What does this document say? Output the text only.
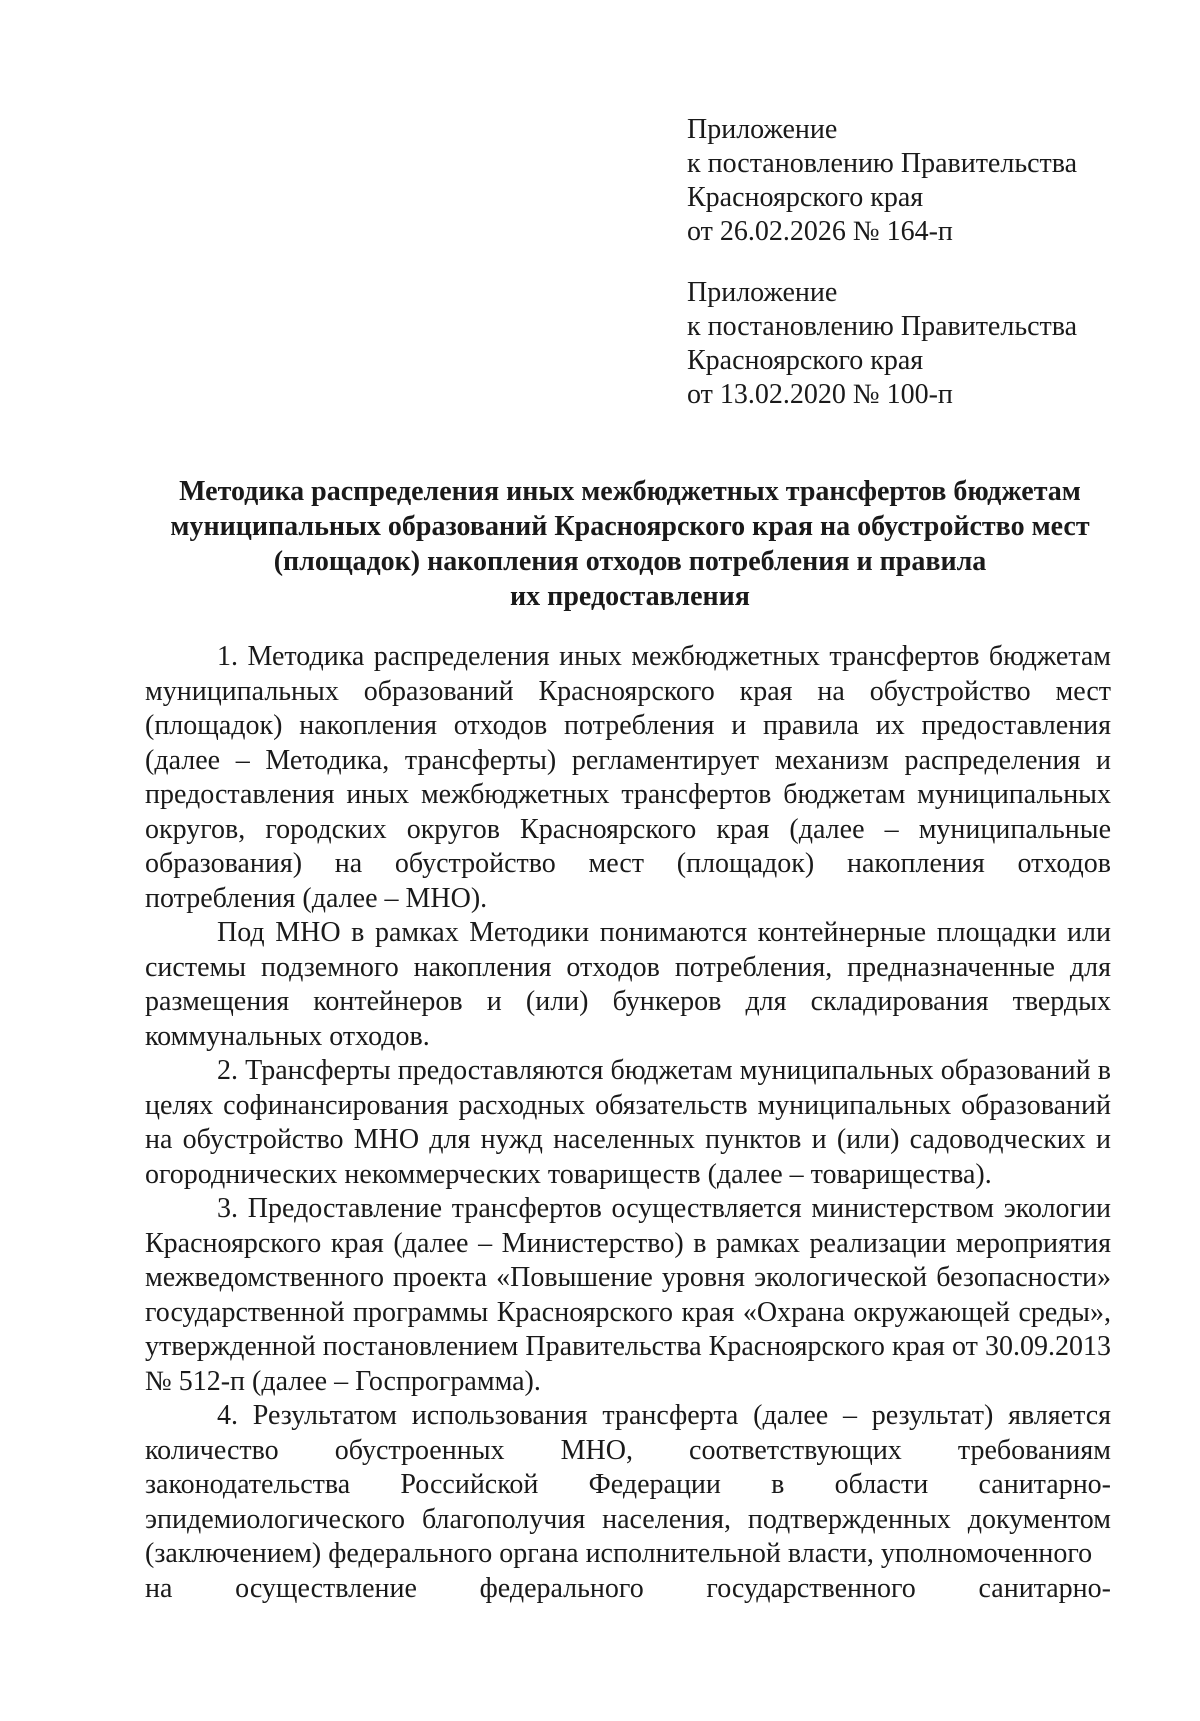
Приложение
к постановлению Правительства
Красноярского края
от 26.02.2026 № 164-п
Приложение
к постановлению Правительства
Красноярского края
от 13.02.2020 № 100-п
Методика распределения иных межбюджетных трансфертов бюджетам
муниципальных образований Красноярского края на обустройство мест
(площадок) накопления отходов потребления и правила
их предоставления

1. Методика распределения иных межбюджетных трансфертов бюджетам муниципальных образований Красноярского края на обустройство мест (площадок) накопления отходов потребления и правила их предоставления (далее – Методика, трансферты) регламентирует механизм распределения и предоставления иных межбюджетных трансфертов бюджетам муниципальных округов, городских округов Красноярского края (далее – муниципальные образования) на обустройство мест (площадок) накопления отходов потребления (далее – МНО).

Под МНО в рамках Методики понимаются контейнерные площадки или системы подземного накопления отходов потребления, предназначенные для размещения контейнеров и (или) бункеров для складирования твердых коммунальных отходов.

2. Трансферты предоставляются бюджетам муниципальных образований в целях софинансирования расходных обязательств муниципальных образований на обустройство МНО для нужд населенных пунктов и (или) садоводческих и огороднических некоммерческих товариществ (далее – товарищества).

3. Предоставление трансфертов осуществляется министерством экологии Красноярского края (далее – Министерство) в рамках реализации мероприятия межведомственного проекта «Повышение уровня экологической безопасности» государственной программы Красноярского края «Охрана окружающей среды», утвержденной постановлением Правительства Красноярского края от 30.09.2013 № 512-п (далее – Госпрограмма).

4. Результатом использования трансферта (далее – результат) является количество обустроенных МНО, соответствующих требованиям законодательства Российской Федерации в области санитарно-эпидемиологического благополучия населения, подтвержденных документом (заключением) федерального органа исполнительной власти, уполномоченного

на осуществление федерального государственного санитарно-
